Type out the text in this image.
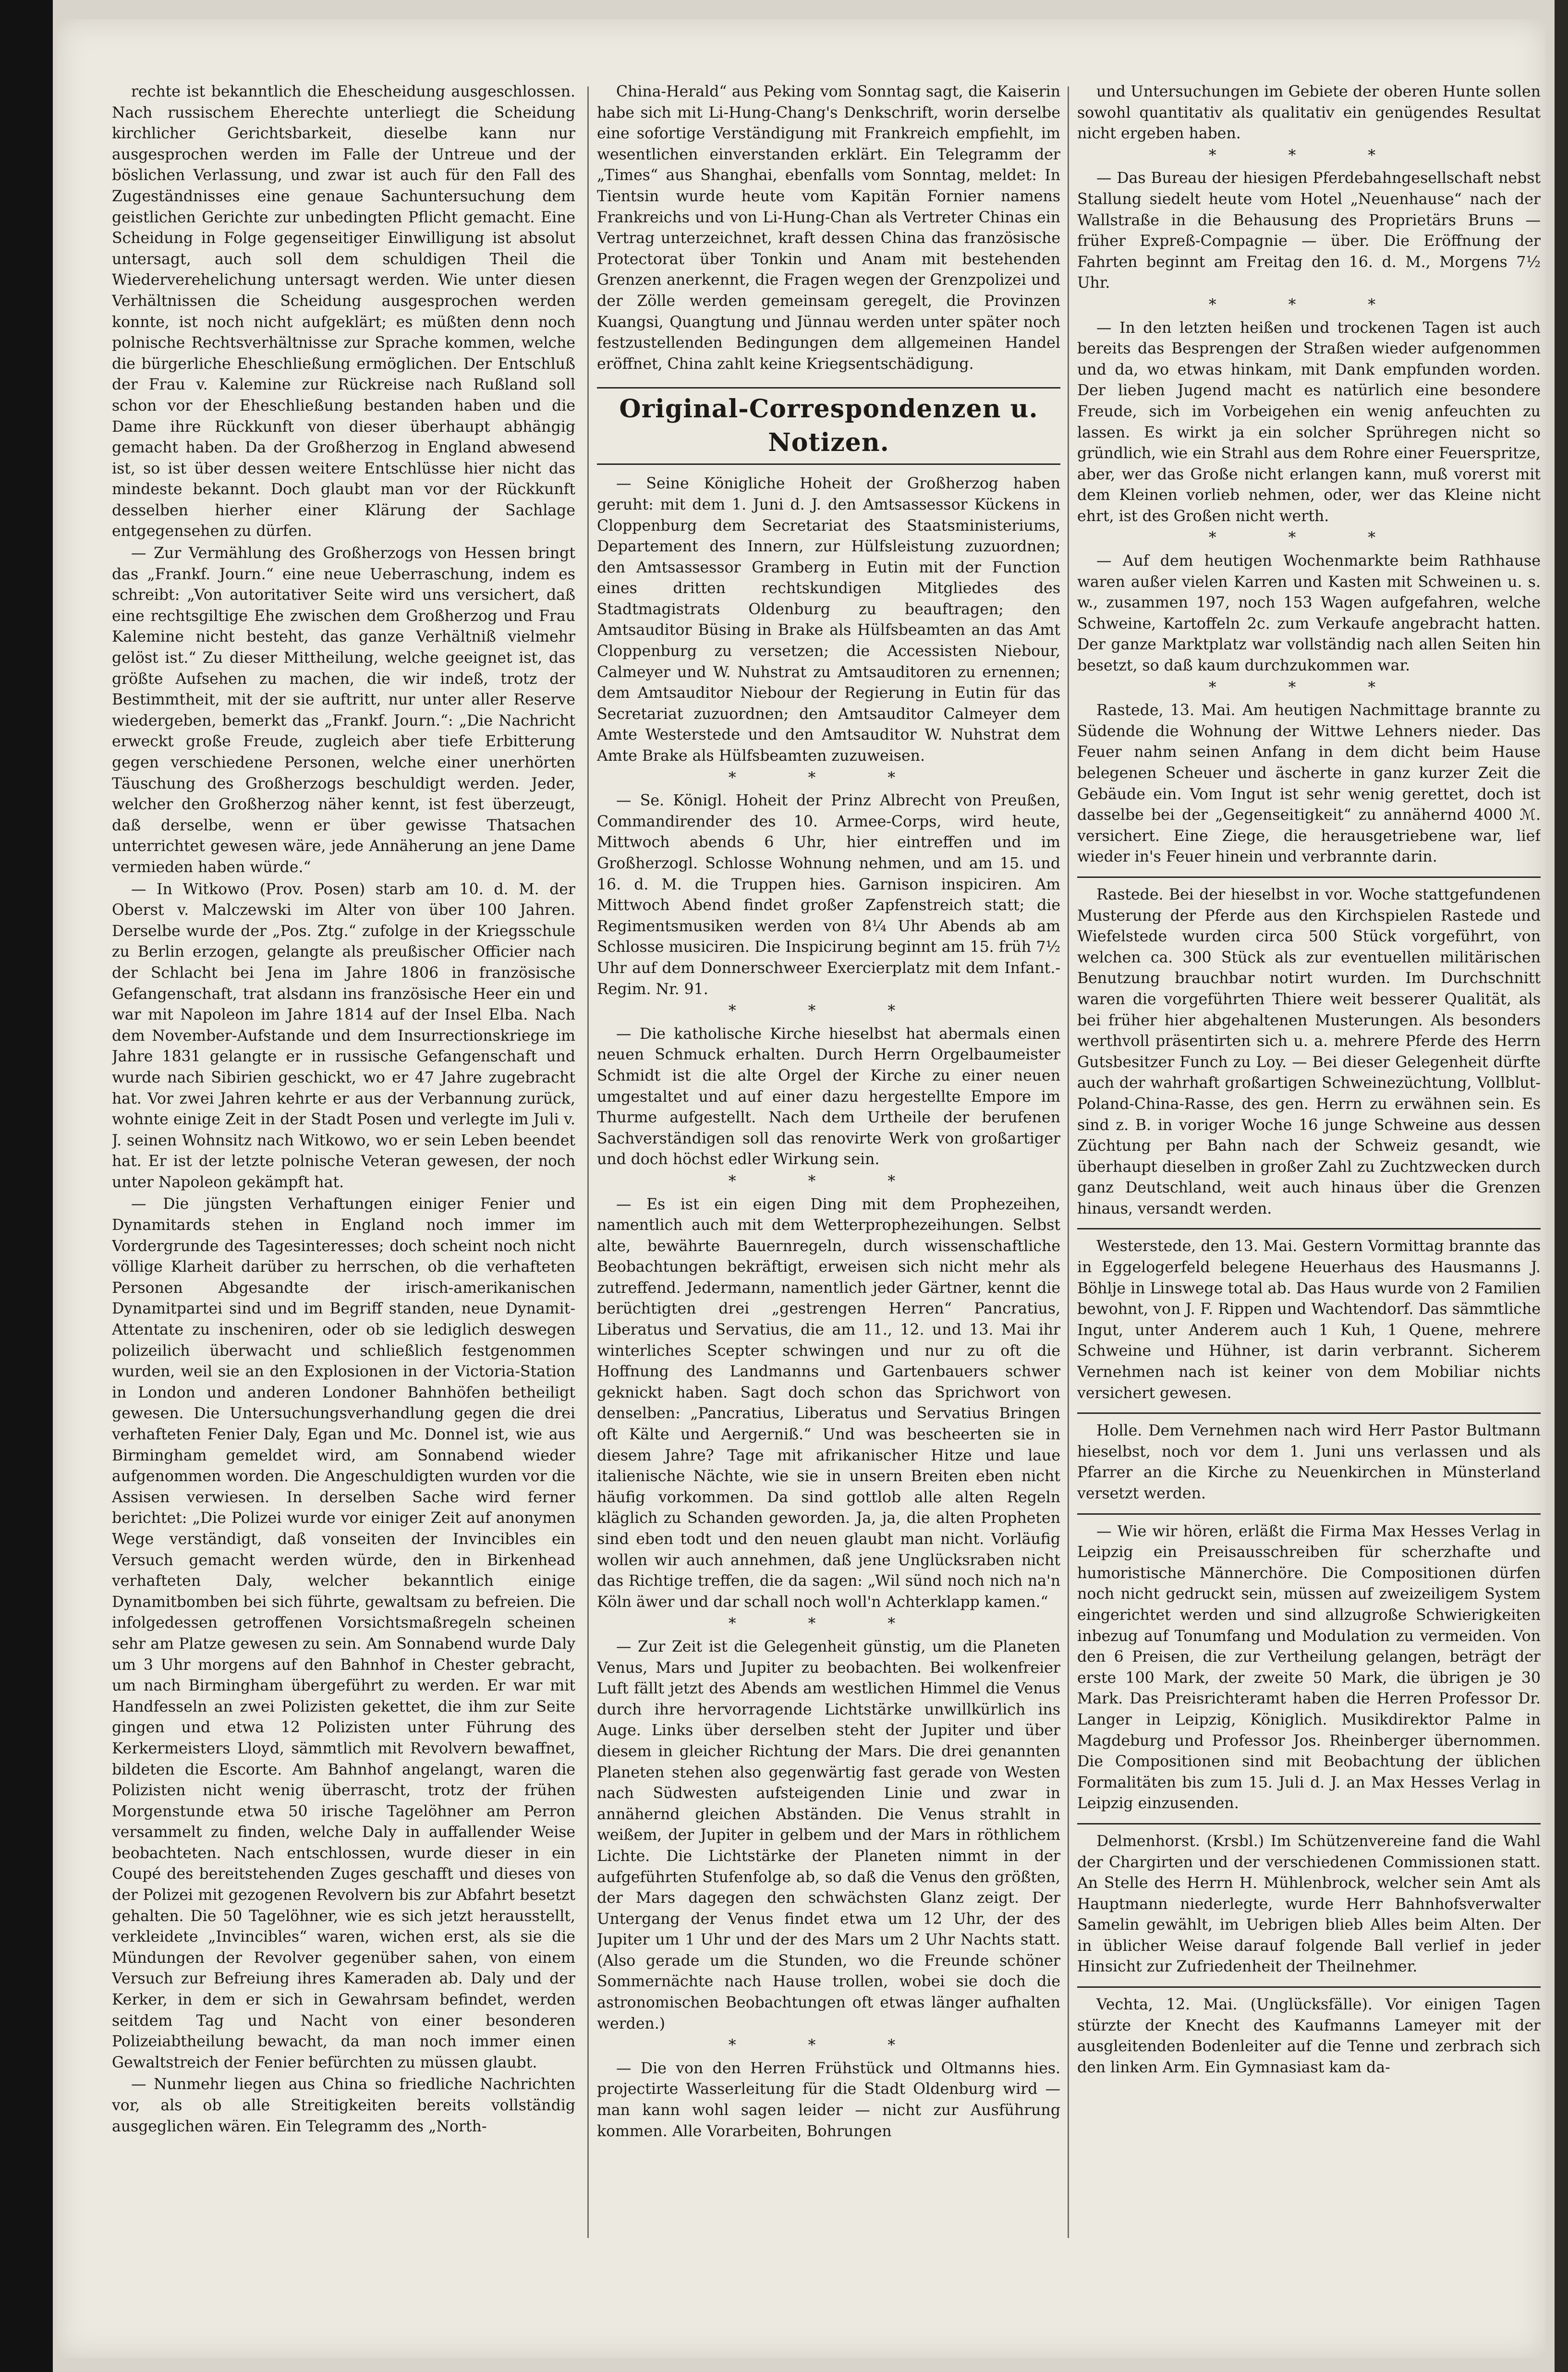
rechte ist bekanntlich die Ehescheidung ausgeschlossen. Nach russischem Eherechte unterliegt die Scheidung kirchlicher Gerichtsbarkeit, dieselbe kann nur ausgesprochen werden im Falle der Untreue und der böslichen Verlassung, und zwar ist auch für den Fall des Zugeständnisses eine genaue Sachuntersuchung dem geistlichen Gerichte zur unbedingten Pflicht gemacht. Eine Scheidung in Folge gegenseitiger Einwilligung ist absolut untersagt, auch soll dem schuldigen Theil die Wiederverehelichung untersagt werden. Wie unter diesen Verhältnissen die Scheidung ausgesprochen werden konnte, ist noch nicht aufgeklärt; es müßten denn noch polnische Rechtsverhältnisse zur Sprache kommen, welche die bürgerliche Eheschließung ermöglichen. Der Entschluß der Frau v. Kalemine zur Rückreise nach Rußland soll schon vor der Eheschließung bestanden haben und die Dame ihre Rückkunft von dieser überhaupt abhängig gemacht haben. Da der Großherzog in England abwesend ist, so ist über dessen weitere Entschlüsse hier nicht das mindeste bekannt. Doch glaubt man vor der Rückkunft desselben hierher einer Klärung der Sachlage entgegensehen zu dürfen.

— Zur Vermählung des Großherzogs von Hessen bringt das „Frankf. Journ.“ eine neue Ueberraschung, indem es schreibt: „Von autoritativer Seite wird uns versichert, daß eine rechtsgiltige Ehe zwischen dem Großherzog und Frau Kalemine nicht besteht, das ganze Verhältniß vielmehr gelöst ist.“ Zu dieser Mittheilung, welche geeignet ist, das größte Aufsehen zu machen, die wir indeß, trotz der Bestimmtheit, mit der sie auftritt, nur unter aller Reserve wiedergeben, bemerkt das „Frankf. Journ.“: „Die Nachricht erweckt große Freude, zugleich aber tiefe Erbitterung gegen verschiedene Personen, welche einer unerhörten Täuschung des Großherzogs beschuldigt werden. Jeder, welcher den Großherzog näher kennt, ist fest überzeugt, daß derselbe, wenn er über gewisse Thatsachen unterrichtet gewesen wäre, jede Annäherung an jene Dame vermieden haben würde.“

— In Witkowo (Prov. Posen) starb am 10. d. M. der Oberst v. Malczewski im Alter von über 100 Jahren. Derselbe wurde der „Pos. Ztg.“ zufolge in der Kriegsschule zu Berlin erzogen, gelangte als preußischer Officier nach der Schlacht bei Jena im Jahre 1806 in französische Gefangenschaft, trat alsdann ins französische Heer ein und war mit Napoleon im Jahre 1814 auf der Insel Elba. Nach dem November-Aufstande und dem Insurrectionskriege im Jahre 1831 gelangte er in russische Gefangenschaft und wurde nach Sibirien geschickt, wo er 47 Jahre zugebracht hat. Vor zwei Jahren kehrte er aus der Verbannung zurück, wohnte einige Zeit in der Stadt Posen und verlegte im Juli v. J. seinen Wohnsitz nach Witkowo, wo er sein Leben beendet hat. Er ist der letzte polnische Veteran gewesen, der noch unter Napoleon gekämpft hat.

— Die jüngsten Verhaftungen einiger Fenier und Dynamitards stehen in England noch immer im Vordergrunde des Tagesinteresses; doch scheint noch nicht völlige Klarheit darüber zu herrschen, ob die verhafteten Personen Abgesandte der irisch-amerikanischen Dynamitpartei sind und im Begriff standen, neue Dynamit-Attentate zu inscheniren, oder ob sie lediglich deswegen polizeilich überwacht und schließlich festgenommen wurden, weil sie an den Explosionen in der Victoria-Station in London und anderen Londoner Bahnhöfen betheiligt gewesen. Die Untersuchungsverhandlung gegen die drei verhafteten Fenier Daly, Egan und Mc. Donnel ist, wie aus Birmingham gemeldet wird, am Sonnabend wieder aufgenommen worden. Die Angeschuldigten wurden vor die Assisen verwiesen. In derselben Sache wird ferner berichtet: „Die Polizei wurde vor einiger Zeit auf anonymen Wege verständigt, daß vonseiten der Invincibles ein Versuch gemacht werden würde, den in Birkenhead verhafteten Daly, welcher bekanntlich einige Dynamitbomben bei sich führte, gewaltsam zu befreien. Die infolgedessen getroffenen Vorsichtsmaßregeln scheinen sehr am Platze gewesen zu sein. Am Sonnabend wurde Daly um 3 Uhr morgens auf den Bahnhof in Chester gebracht, um nach Birmingham übergeführt zu werden. Er war mit Handfesseln an zwei Polizisten gekettet, die ihm zur Seite gingen und etwa 12 Polizisten unter Führung des Kerkermeisters Lloyd, sämmtlich mit Revolvern bewaffnet, bildeten die Escorte. Am Bahnhof angelangt, waren die Polizisten nicht wenig überrascht, trotz der frühen Morgenstunde etwa 50 irische Tagelöhner am Perron versammelt zu finden, welche Daly in auffallender Weise beobachteten. Nach entschlossen, wurde dieser in ein Coupé des bereitstehenden Zuges geschafft und dieses von der Polizei mit gezogenen Revolvern bis zur Abfahrt besetzt gehalten. Die 50 Tagelöhner, wie es sich jetzt herausstellt, verkleidete „Invincibles“ waren, wichen erst, als sie die Mündungen der Revolver gegenüber sahen, von einem Versuch zur Befreiung ihres Kameraden ab. Daly und der Kerker, in dem er sich in Gewahrsam befindet, werden seitdem Tag und Nacht von einer besonderen Polizeiabtheilung bewacht, da man noch immer einen Gewaltstreich der Fenier befürchten zu müssen glaubt.

— Nunmehr liegen aus China so friedliche Nachrichten vor, als ob alle Streitigkeiten bereits vollständig ausgeglichen wären. Ein Telegramm des „North-

China-Herald“ aus Peking vom Sonntag sagt, die Kaiserin habe sich mit Li-Hung-Chang's Denkschrift, worin derselbe eine sofortige Verständigung mit Frankreich empfiehlt, im wesentlichen einverstanden erklärt. Ein Telegramm der „Times“ aus Shanghai, ebenfalls vom Sonntag, meldet: In Tientsin wurde heute vom Kapitän Fornier namens Frankreichs und von Li-Hung-Chan als Vertreter Chinas ein Vertrag unterzeichnet, kraft dessen China das französische Protectorat über Tonkin und Anam mit bestehenden Grenzen anerkennt, die Fragen wegen der Grenzpolizei und der Zölle werden gemeinsam geregelt, die Provinzen Kuangsi, Quangtung und Jünnau werden unter später noch festzustellenden Bedingungen dem allgemeinen Handel eröffnet, China zahlt keine Kriegsentschädigung.

Original-Correspondenzen u. Notizen.

— Seine Königliche Hoheit der Großherzog haben geruht: mit dem 1. Juni d. J. den Amtsassessor Kückens in Cloppenburg dem Secretariat des Staatsministeriums, Departement des Innern, zur Hülfsleistung zuzuordnen; den Amtsassessor Gramberg in Eutin mit der Function eines dritten rechtskundigen Mitgliedes des Stadtmagistrats Oldenburg zu beauftragen; den Amtsauditor Büsing in Brake als Hülfsbeamten an das Amt Cloppenburg zu versetzen; die Accessisten Niebour, Calmeyer und W. Nuhstrat zu Amtsauditoren zu ernennen; dem Amtsauditor Niebour der Regierung in Eutin für das Secretariat zuzuordnen; den Amtsauditor Calmeyer dem Amte Westerstede und den Amtsauditor W. Nuhstrat dem Amte Brake als Hülfsbeamten zuzuweisen.

* * *

— Se. Königl. Hoheit der Prinz Albrecht von Preußen, Commandirender des 10. Armee-Corps, wird heute, Mittwoch abends 6 Uhr, hier eintreffen und im Großherzogl. Schlosse Wohnung nehmen, und am 15. und 16. d. M. die Truppen hies. Garnison inspiciren. Am Mittwoch Abend findet großer Zapfenstreich statt; die Regimentsmusiken werden von 8¼ Uhr Abends ab am Schlosse musiciren. Die Inspicirung beginnt am 15. früh 7½ Uhr auf dem Donnerschweer Exercierplatz mit dem Infant.-Regim. Nr. 91.

* * *

— Die katholische Kirche hieselbst hat abermals einen neuen Schmuck erhalten. Durch Herrn Orgelbaumeister Schmidt ist die alte Orgel der Kirche zu einer neuen umgestaltet und auf einer dazu hergestellte Empore im Thurme aufgestellt. Nach dem Urtheile der berufenen Sachverständigen soll das renovirte Werk von großartiger und doch höchst edler Wirkung sein.

* * *

— Es ist ein eigen Ding mit dem Prophezeihen, namentlich auch mit dem Wetterprophezeihungen. Selbst alte, bewährte Bauernregeln, durch wissenschaftliche Beobachtungen bekräftigt, erweisen sich nicht mehr als zutreffend. Jedermann, namentlich jeder Gärtner, kennt die berüchtigten drei „gestrengen Herren“ Pancratius, Liberatus und Servatius, die am 11., 12. und 13. Mai ihr winterliches Scepter schwingen und nur zu oft die Hoffnung des Landmanns und Gartenbauers schwer geknickt haben. Sagt doch schon das Sprichwort von denselben: „Pancratius, Liberatus und Servatius Bringen oft Kälte und Aergerniß.“ Und was bescheerten sie in diesem Jahre? Tage mit afrikanischer Hitze und laue italienische Nächte, wie sie in unsern Breiten eben nicht häufig vorkommen. Da sind gottlob alle alten Regeln kläglich zu Schanden geworden. Ja, ja, die alten Propheten sind eben todt und den neuen glaubt man nicht. Vorläufig wollen wir auch annehmen, daß jene Unglücksraben nicht das Richtige treffen, die da sagen: „Wil sünd noch nich na'n Köln äwer und dar schall noch woll'n Achterklapp kamen.“

* * *

— Zur Zeit ist die Gelegenheit günstig, um die Planeten Venus, Mars und Jupiter zu beobachten. Bei wolkenfreier Luft fällt jetzt des Abends am westlichen Himmel die Venus durch ihre hervorragende Lichtstärke unwillkürlich ins Auge. Links über derselben steht der Jupiter und über diesem in gleicher Richtung der Mars. Die drei genannten Planeten stehen also gegenwärtig fast gerade von Westen nach Südwesten aufsteigenden Linie und zwar in annähernd gleichen Abständen. Die Venus strahlt in weißem, der Jupiter in gelbem und der Mars in röthlichem Lichte. Die Lichtstärke der Planeten nimmt in der aufgeführten Stufenfolge ab, so daß die Venus den größten, der Mars dagegen den schwächsten Glanz zeigt. Der Untergang der Venus findet etwa um 12 Uhr, der des Jupiter um 1 Uhr und der des Mars um 2 Uhr Nachts statt. (Also gerade um die Stunden, wo die Freunde schöner Sommernächte nach Hause trollen, wobei sie doch die astronomischen Beobachtungen oft etwas länger aufhalten werden.)

* * *

— Die von den Herren Frühstück und Oltmanns hies. projectirte Wasserleitung für die Stadt Oldenburg wird — man kann wohl sagen leider — nicht zur Ausführung kommen. Alle Vorarbeiten, Bohrungen

und Untersuchungen im Gebiete der oberen Hunte sollen sowohl quantitativ als qualitativ ein genügendes Resultat nicht ergeben haben.

* * *

— Das Bureau der hiesigen Pferdebahngesellschaft nebst Stallung siedelt heute vom Hotel „Neuenhause“ nach der Wallstraße in die Behausung des Proprietärs Bruns — früher Expreß-Compagnie — über. Die Eröffnung der Fahrten beginnt am Freitag den 16. d. M., Morgens 7½ Uhr.

* * *

— In den letzten heißen und trockenen Tagen ist auch bereits das Besprengen der Straßen wieder aufgenommen und da, wo etwas hinkam, mit Dank empfunden worden. Der lieben Jugend macht es natürlich eine besondere Freude, sich im Vorbeigehen ein wenig anfeuchten zu lassen. Es wirkt ja ein solcher Sprühregen nicht so gründlich, wie ein Strahl aus dem Rohre einer Feuerspritze, aber, wer das Große nicht erlangen kann, muß vorerst mit dem Kleinen vorlieb nehmen, oder, wer das Kleine nicht ehrt, ist des Großen nicht werth.

* * *

— Auf dem heutigen Wochenmarkte beim Rathhause waren außer vielen Karren und Kasten mit Schweinen u. s. w., zusammen 197, noch 153 Wagen aufgefahren, welche Schweine, Kartoffeln 2c. zum Verkaufe angebracht hatten. Der ganze Marktplatz war vollständig nach allen Seiten hin besetzt, so daß kaum durchzukommen war.

* * *

Rastede, 13. Mai. Am heutigen Nachmittage brannte zu Südende die Wohnung der Wittwe Lehners nieder. Das Feuer nahm seinen Anfang in dem dicht beim Hause belegenen Scheuer und äscherte in ganz kurzer Zeit die Gebäude ein. Vom Ingut ist sehr wenig gerettet, doch ist dasselbe bei der „Gegenseitigkeit“ zu annähernd 4000 ℳ. versichert. Eine Ziege, die herausgetriebene war, lief wieder in's Feuer hinein und verbrannte darin.

Rastede. Bei der hieselbst in vor. Woche stattgefundenen Musterung der Pferde aus den Kirchspielen Rastede und Wiefelstede wurden circa 500 Stück vorgeführt, von welchen ca. 300 Stück als zur eventuellen militärischen Benutzung brauchbar notirt wurden. Im Durchschnitt waren die vorgeführten Thiere weit besserer Qualität, als bei früher hier abgehaltenen Musterungen. Als besonders werthvoll präsentirten sich u. a. mehrere Pferde des Herrn Gutsbesitzer Funch zu Loy. — Bei dieser Gelegenheit dürfte auch der wahrhaft großartigen Schweinezüchtung, Vollblut-Poland-China-Rasse, des gen. Herrn zu erwähnen sein. Es sind z. B. in voriger Woche 16 junge Schweine aus dessen Züchtung per Bahn nach der Schweiz gesandt, wie überhaupt dieselben in großer Zahl zu Zuchtzwecken durch ganz Deutschland, weit auch hinaus über die Grenzen hinaus, versandt werden.

Westerstede, den 13. Mai. Gestern Vormittag brannte das in Eggelogerfeld belegene Heuerhaus des Hausmanns J. Böhlje in Linswege total ab. Das Haus wurde von 2 Familien bewohnt, von J. F. Rippen und Wachtendorf. Das sämmtliche Ingut, unter Anderem auch 1 Kuh, 1 Quene, mehrere Schweine und Hühner, ist darin verbrannt. Sicherem Vernehmen nach ist keiner von dem Mobiliar nichts versichert gewesen.

Holle. Dem Vernehmen nach wird Herr Pastor Bultmann hieselbst, noch vor dem 1. Juni uns verlassen und als Pfarrer an die Kirche zu Neuenkirchen in Münsterland versetzt werden.

— Wie wir hören, erläßt die Firma Max Hesses Verlag in Leipzig ein Preisausschreiben für scherzhafte und humoristische Männerchöre. Die Compositionen dürfen noch nicht gedruckt sein, müssen auf zweizeiligem System eingerichtet werden und sind allzugroße Schwierigkeiten inbezug auf Tonumfang und Modulation zu vermeiden. Von den 6 Preisen, die zur Vertheilung gelangen, beträgt der erste 100 Mark, der zweite 50 Mark, die übrigen je 30 Mark. Das Preisrichteramt haben die Herren Professor Dr. Langer in Leipzig, Königlich. Musikdirektor Palme in Magdeburg und Professor Jos. Rheinberger übernommen. Die Compositionen sind mit Beobachtung der üblichen Formalitäten bis zum 15. Juli d. J. an Max Hesses Verlag in Leipzig einzusenden.

Delmenhorst. (Krsbl.) Im Schützenvereine fand die Wahl der Chargirten und der verschiedenen Commissionen statt. An Stelle des Herrn H. Mühlenbrock, welcher sein Amt als Hauptmann niederlegte, wurde Herr Bahnhofsverwalter Samelin gewählt, im Uebrigen blieb Alles beim Alten. Der in üblicher Weise darauf folgende Ball verlief in jeder Hinsicht zur Zufriedenheit der Theilnehmer.

Vechta, 12. Mai. (Unglücksfälle). Vor einigen Tagen stürzte der Knecht des Kaufmanns Lameyer mit der ausgleitenden Bodenleiter auf die Tenne und zerbrach sich den linken Arm. Ein Gymnasiast kam da-
